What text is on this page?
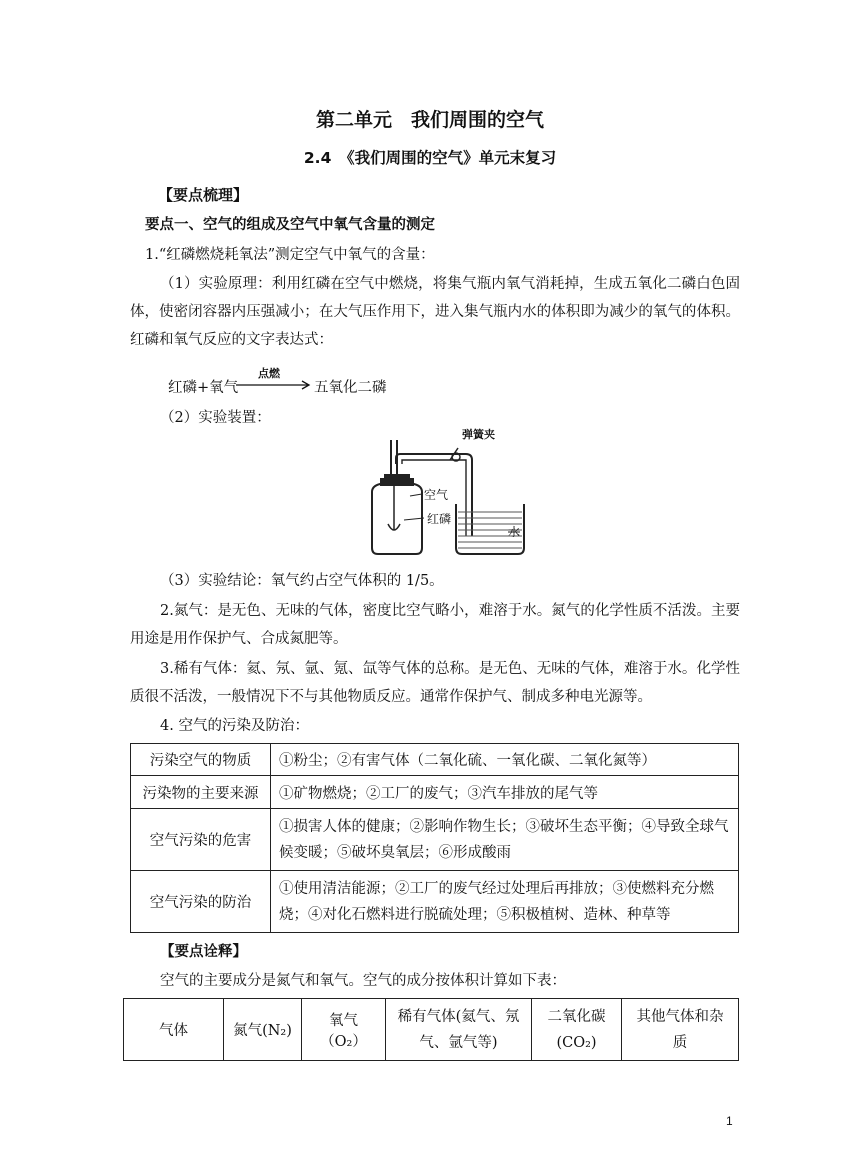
第二单元　我们周围的空气
2.4　《我们周围的空气》单元末复习
【要点梳理】
要点一、空气的组成及空气中氧气含量的测定
1.“红磷燃烧耗氧法”测定空气中氧气的含量：
（1）实验原理：利用红磷在空气中燃烧，将集气瓶内氧气消耗掉，生成五氧化二磷白色固体，使密闭容器内压强减小；在大气压作用下，进入集气瓶内水的体积即为减少的氧气的体积。红磷和氧气反应的文字表达式：
红磷+氧气
点燃
五氧化二磷
（2）实验装置：
弹簧夹
空气
红磷
水
（3）实验结论：氧气约占空气体积的 1/5。
2.氮气：是无色、无味的气体，密度比空气略小，难溶于水。氮气的化学性质不活泼。主要用途是用作保护气、合成氮肥等。
3.稀有气体：氦、氖、氩、氪、氙等气体的总称。是无色、无味的气体，难溶于水。化学性质很不活泼，一般情况下不与其他物质反应。通常作保护气、制成多种电光源等。
4. 空气的污染及防治：
污染空气的物质	①粉尘；②有害气体（二氧化硫、一氧化碳、二氧化氮等）
污染物的主要来源	①矿物燃烧；②工厂的废气；③汽车排放的尾气等
空气污染的危害	①损害人体的健康；②影响作物生长；③破坏生态平衡；④导致全球气候变暖；⑤破坏臭氧层；⑥形成酸雨
空气污染的防治	①使用清洁能源；②工厂的废气经过处理后再排放；③使燃料充分燃烧；④对化石燃料进行脱硫处理；⑤积极植树、造林、种草等
【要点诠释】
空气的主要成分是氮气和氧气。空气的成分按体积计算如下表：
气体	氮气(N₂)	氧气（O₂）	稀有气体(氦气、氖气、氩气等)	二氧化碳(CO₂)	其他气体和杂质
1
